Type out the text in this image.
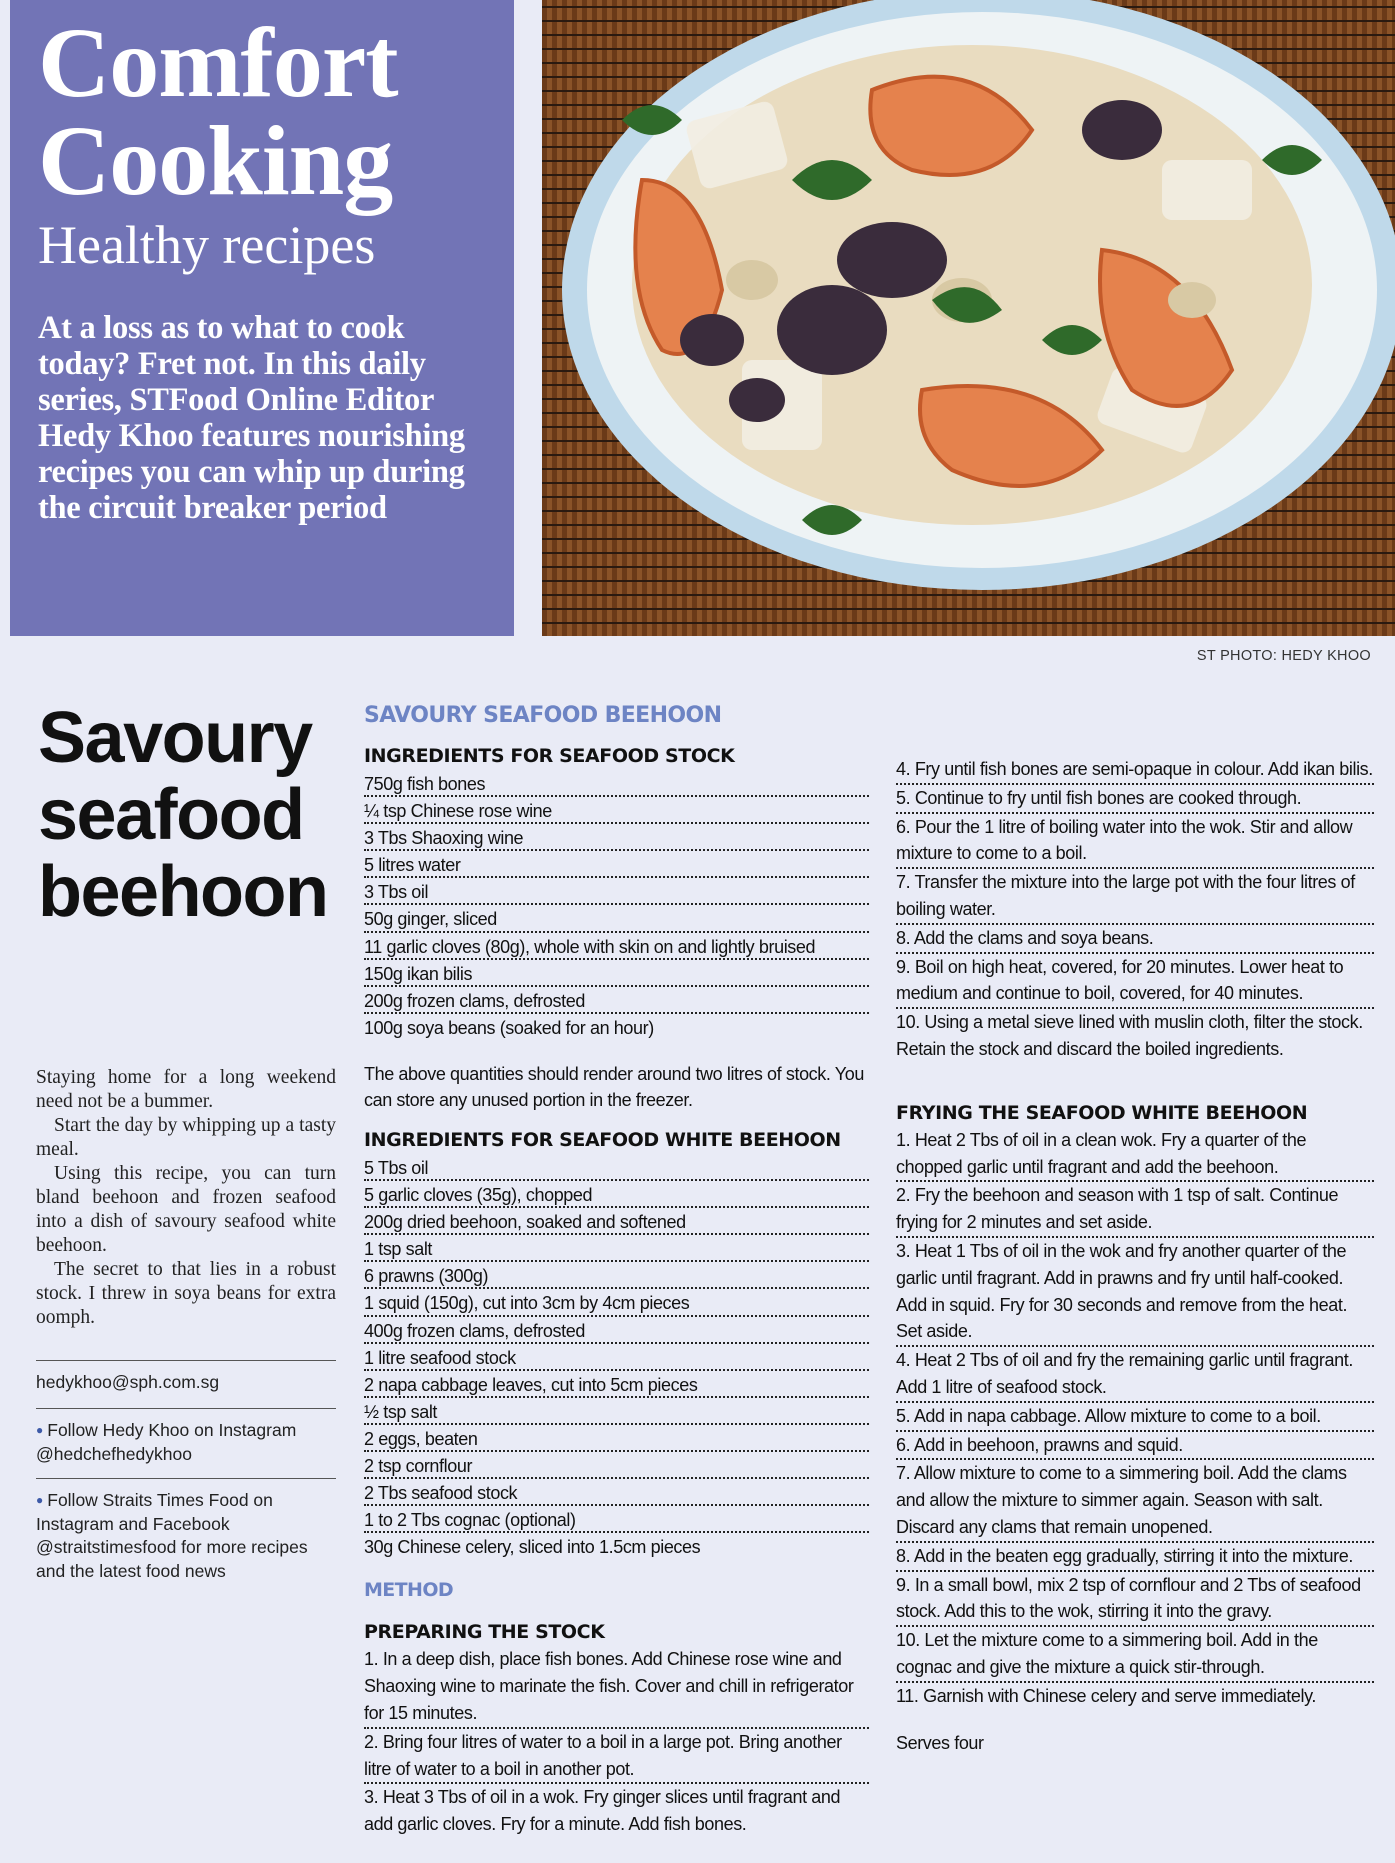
Comfort
Cooking
Healthy recipes
At a loss as to what to cook today? Fret not. In this daily series, STFood Online Editor Hedy Khoo features nourishing recipes you can whip up during the circuit breaker period
ST PHOTO: HEDY KHOO
Savoury seafood beehoon

Staying home for a long weekend need not be a bummer.

Start the day by whipping up a tasty meal.

Using this recipe, you can turn bland beehoon and frozen seafood into a dish of savoury seafood white beehoon.

The secret to that lies in a robust stock. I threw in soya beans for extra oomph.

hedykhoo@sph.com.sg
● Follow Hedy Khoo on Instagram @hedchefhedykhoo
● Follow Straits Times Food on Instagram and Facebook @straitstimesfood for more recipes and the latest food news
SAVOURY SEAFOOD BEEHOON
INGREDIENTS FOR SEAFOOD STOCK
750g fish bones
¼ tsp Chinese rose wine
3 Tbs Shaoxing wine
5 litres water
3 Tbs oil
50g ginger, sliced
11 garlic cloves (80g), whole with skin on and lightly bruised
150g ikan bilis
200g frozen clams, defrosted
100g soya beans (soaked for an hour)
The above quantities should render around two litres of stock. You can store any unused portion in the freezer.
INGREDIENTS FOR SEAFOOD WHITE BEEHOON
5 Tbs oil
5 garlic cloves (35g), chopped
200g dried beehoon, soaked and softened
1 tsp salt
6 prawns (300g)
1 squid (150g), cut into 3cm by 4cm pieces
400g frozen clams, defrosted
1 litre seafood stock
2 napa cabbage leaves, cut into 5cm pieces
½ tsp salt
2 eggs, beaten
2 tsp cornflour
2 Tbs seafood stock
1 to 2 Tbs cognac (optional)
30g Chinese celery, sliced into 1.5cm pieces
METHOD
PREPARING THE STOCK
1. In a deep dish, place fish bones. Add Chinese rose wine and Shaoxing wine to marinate the fish. Cover and chill in refrigerator for 15 minutes.
2. Bring four litres of water to a boil in a large pot. Bring another litre of water to a boil in another pot.
3. Heat 3 Tbs of oil in a wok. Fry ginger slices until fragrant and add garlic cloves. Fry for a minute. Add fish bones.
4. Fry until fish bones are semi-opaque in colour. Add ikan bilis.
5. Continue to fry until fish bones are cooked through.
6. Pour the 1 litre of boiling water into the wok. Stir and allow mixture to come to a boil.
7. Transfer the mixture into the large pot with the four litres of boiling water.
8. Add the clams and soya beans.
9. Boil on high heat, covered, for 20 minutes. Lower heat to medium and continue to boil, covered, for 40 minutes.
10. Using a metal sieve lined with muslin cloth, filter the stock. Retain the stock and discard the boiled ingredients.
FRYING THE SEAFOOD WHITE BEEHOON
1. Heat 2 Tbs of oil in a clean wok. Fry a quarter of the chopped garlic until fragrant and add the beehoon.
2. Fry the beehoon and season with 1 tsp of salt. Continue frying for 2 minutes and set aside.
3. Heat 1 Tbs of oil in the wok and fry another quarter of the garlic until fragrant. Add in prawns and fry until half-cooked. Add in squid. Fry for 30 seconds and remove from the heat. Set aside.
4. Heat 2 Tbs of oil and fry the remaining garlic until fragrant. Add 1 litre of seafood stock.
5. Add in napa cabbage. Allow mixture to come to a boil.
6. Add in beehoon, prawns and squid.
7. Allow mixture to come to a simmering boil. Add the clams and allow the mixture to simmer again. Season with salt. Discard any clams that remain unopened.
8. Add in the beaten egg gradually, stirring it into the mixture.
9. In a small bowl, mix 2 tsp of cornflour and 2 Tbs of seafood stock. Add this to the wok, stirring it into the gravy.
10. Let the mixture come to a simmering boil. Add in the cognac and give the mixture a quick stir-through.
11. Garnish with Chinese celery and serve immediately.
Serves four
